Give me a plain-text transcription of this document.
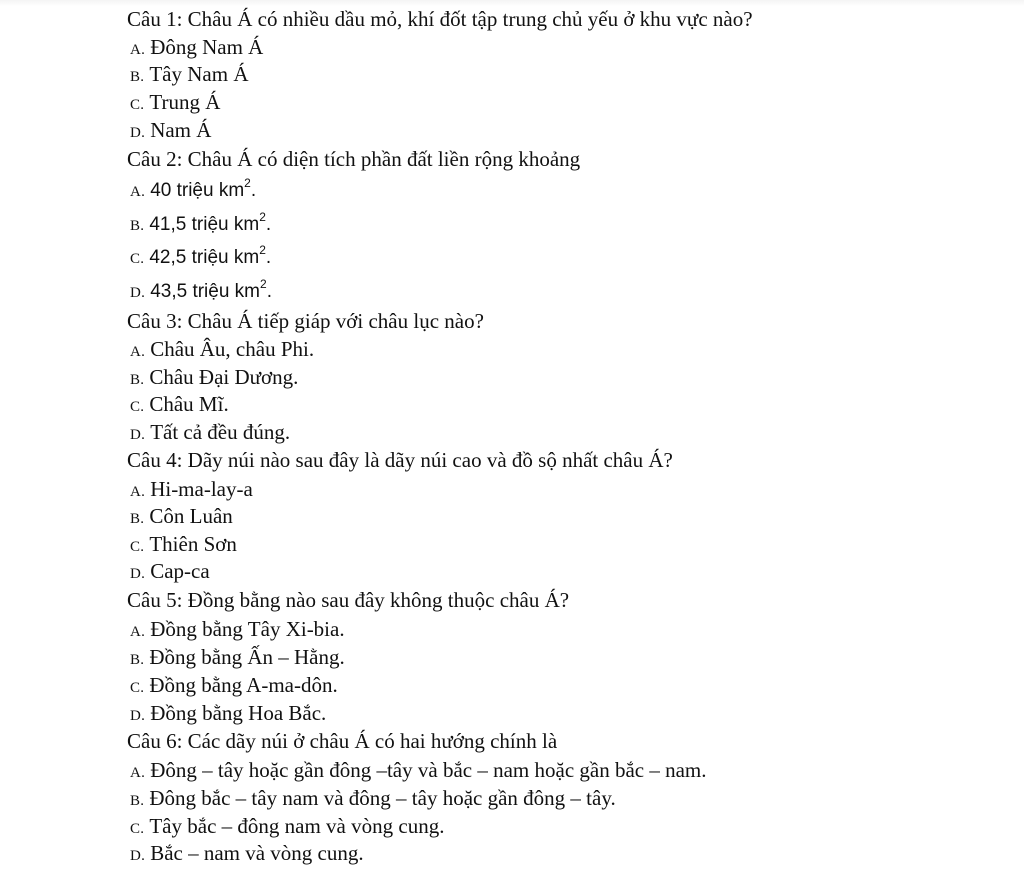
Câu 1: Châu Á có nhiều dầu mỏ, khí đốt tập trung chủ yếu ở khu vực nào?
A. Đông Nam Á
B. Tây Nam Á
C. Trung Á
D. Nam Á
Câu 2: Châu Á có diện tích phần đất liền rộng khoảng
A. 40 triệu $km^2$.
B. 41,5 triệu $km^2$.
C. 42,5 triệu $km^2$.
D. 43,5 triệu $km^2$.
Câu 3: Châu Á tiếp giáp với châu lục nào?
A. Châu Âu, châu Phi.
B. Châu Đại Dương.
C. Châu Mĩ.
D. Tất cả đều đúng.
Câu 4: Dãy núi nào sau đây là dãy núi cao và đồ sộ nhất châu Á?
A. Hi-ma-lay-a
B. Côn Luân
C. Thiên Sơn
D. Cap-ca
Câu 5: Đồng bằng nào sau đây không thuộc châu Á?
A. Đồng bằng Tây Xi-bia.
B. Đồng bằng Ấn – Hằng.
C. Đồng bằng A-ma-dôn.
D. Đồng bằng Hoa Bắc.
Câu 6: Các dãy núi ở châu Á có hai hướng chính là
A. Đông – tây hoặc gần đông –tây và bắc – nam hoặc gần bắc – nam.
B. Đông bắc – tây nam và đông – tây hoặc gần đông – tây.
C. Tây bắc – đông nam và vòng cung.
D. Bắc – nam và vòng cung.
